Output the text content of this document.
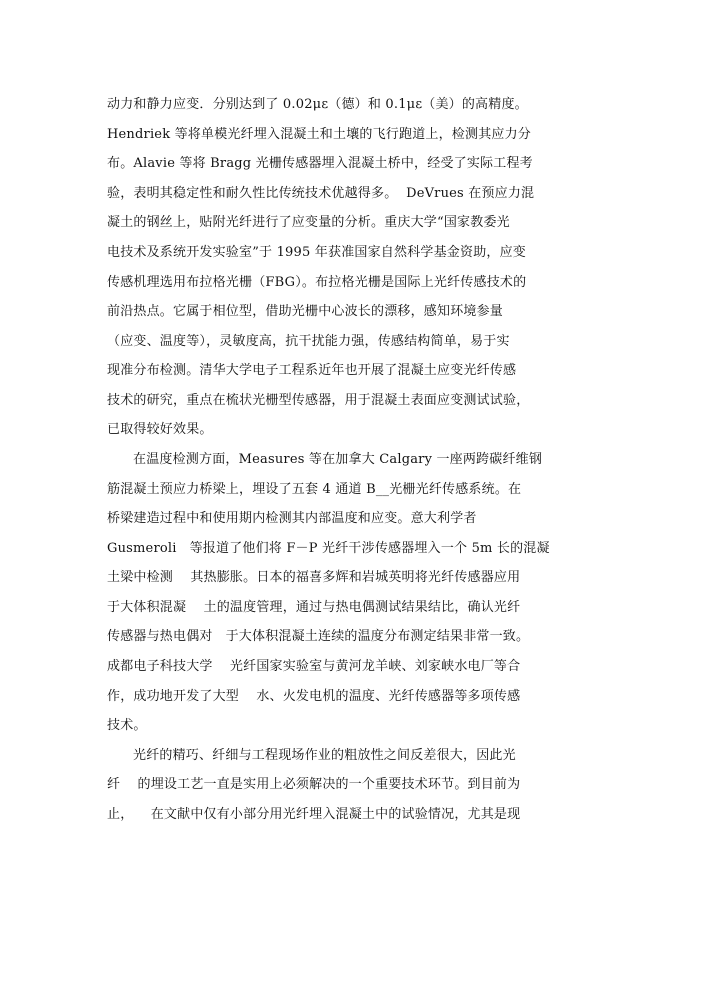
动力和静力应变．分别达到了 0.02με（德）和 0.1με（美）的高精度。
Hendriek 等将单模光纤埋入混凝土和土壤的飞行跑道上，检测其应力分
布。Alavie 等将 Bragg 光栅传感器埋入混凝土桥中，经受了实际工程考
验，表明其稳定性和耐久性比传统技术优越得多。  DeVrues 在预应力混
凝土的钢丝上，贴附光纤进行了应变量的分析。重庆大学“国家教委光
电技术及系统开发实验室”于 1995 年获准国家自然科学基金资助，应变
传感机理选用布拉格光栅（FBG）。布拉格光栅是国际上光纤传感技术的
前沿热点。它属于相位型，借助光栅中心波长的漂移，感知环境参量
（应变、温度等），灵敏度高，抗干扰能力强，传感结构简单，易于实
现准分布检测。清华大学电子工程系近年也开展了混凝土应变光纤传感
技术的研究，重点在梳状光栅型传感器，用于混凝土表面应变测试试验，
已取得较好效果。
在温度检测方面，Measures 等在加拿大 Calgary 一座两跨碳纤维钢
筋混凝土预应力桥梁上，埋设了五套 4 通道 B__光栅光纤传感系统。在
桥梁建造过程中和使用期内检测其内部温度和应变。意大利学者
Gusmeroli   等报道了他们将 F－P 光纤干涉传感器埋入一个 5m 长的混凝
土梁中检测    其热膨胀。日本的福喜多辉和岩城英明将光纤传感器应用
于大体积混凝    土的温度管理，通过与热电偶测试结果结比，确认光纤
传感器与热电偶对   于大体积混凝土连续的温度分布测定结果非常一致。
成都电子科技大学    光纤国家实验室与黄河龙羊峡、刘家峡水电厂等合
作，成功地开发了大型    水、火发电机的温度、光纤传感器等多项传感
技术。
光纤的精巧、纤细与工程现场作业的粗放性之间反差很大，因此光
纤    的埋设工艺一直是实用上必须解决的一个重要技术环节。到目前为
止，    在文献中仅有小部分用光纤埋入混凝土中的试验情况，尤其是现
